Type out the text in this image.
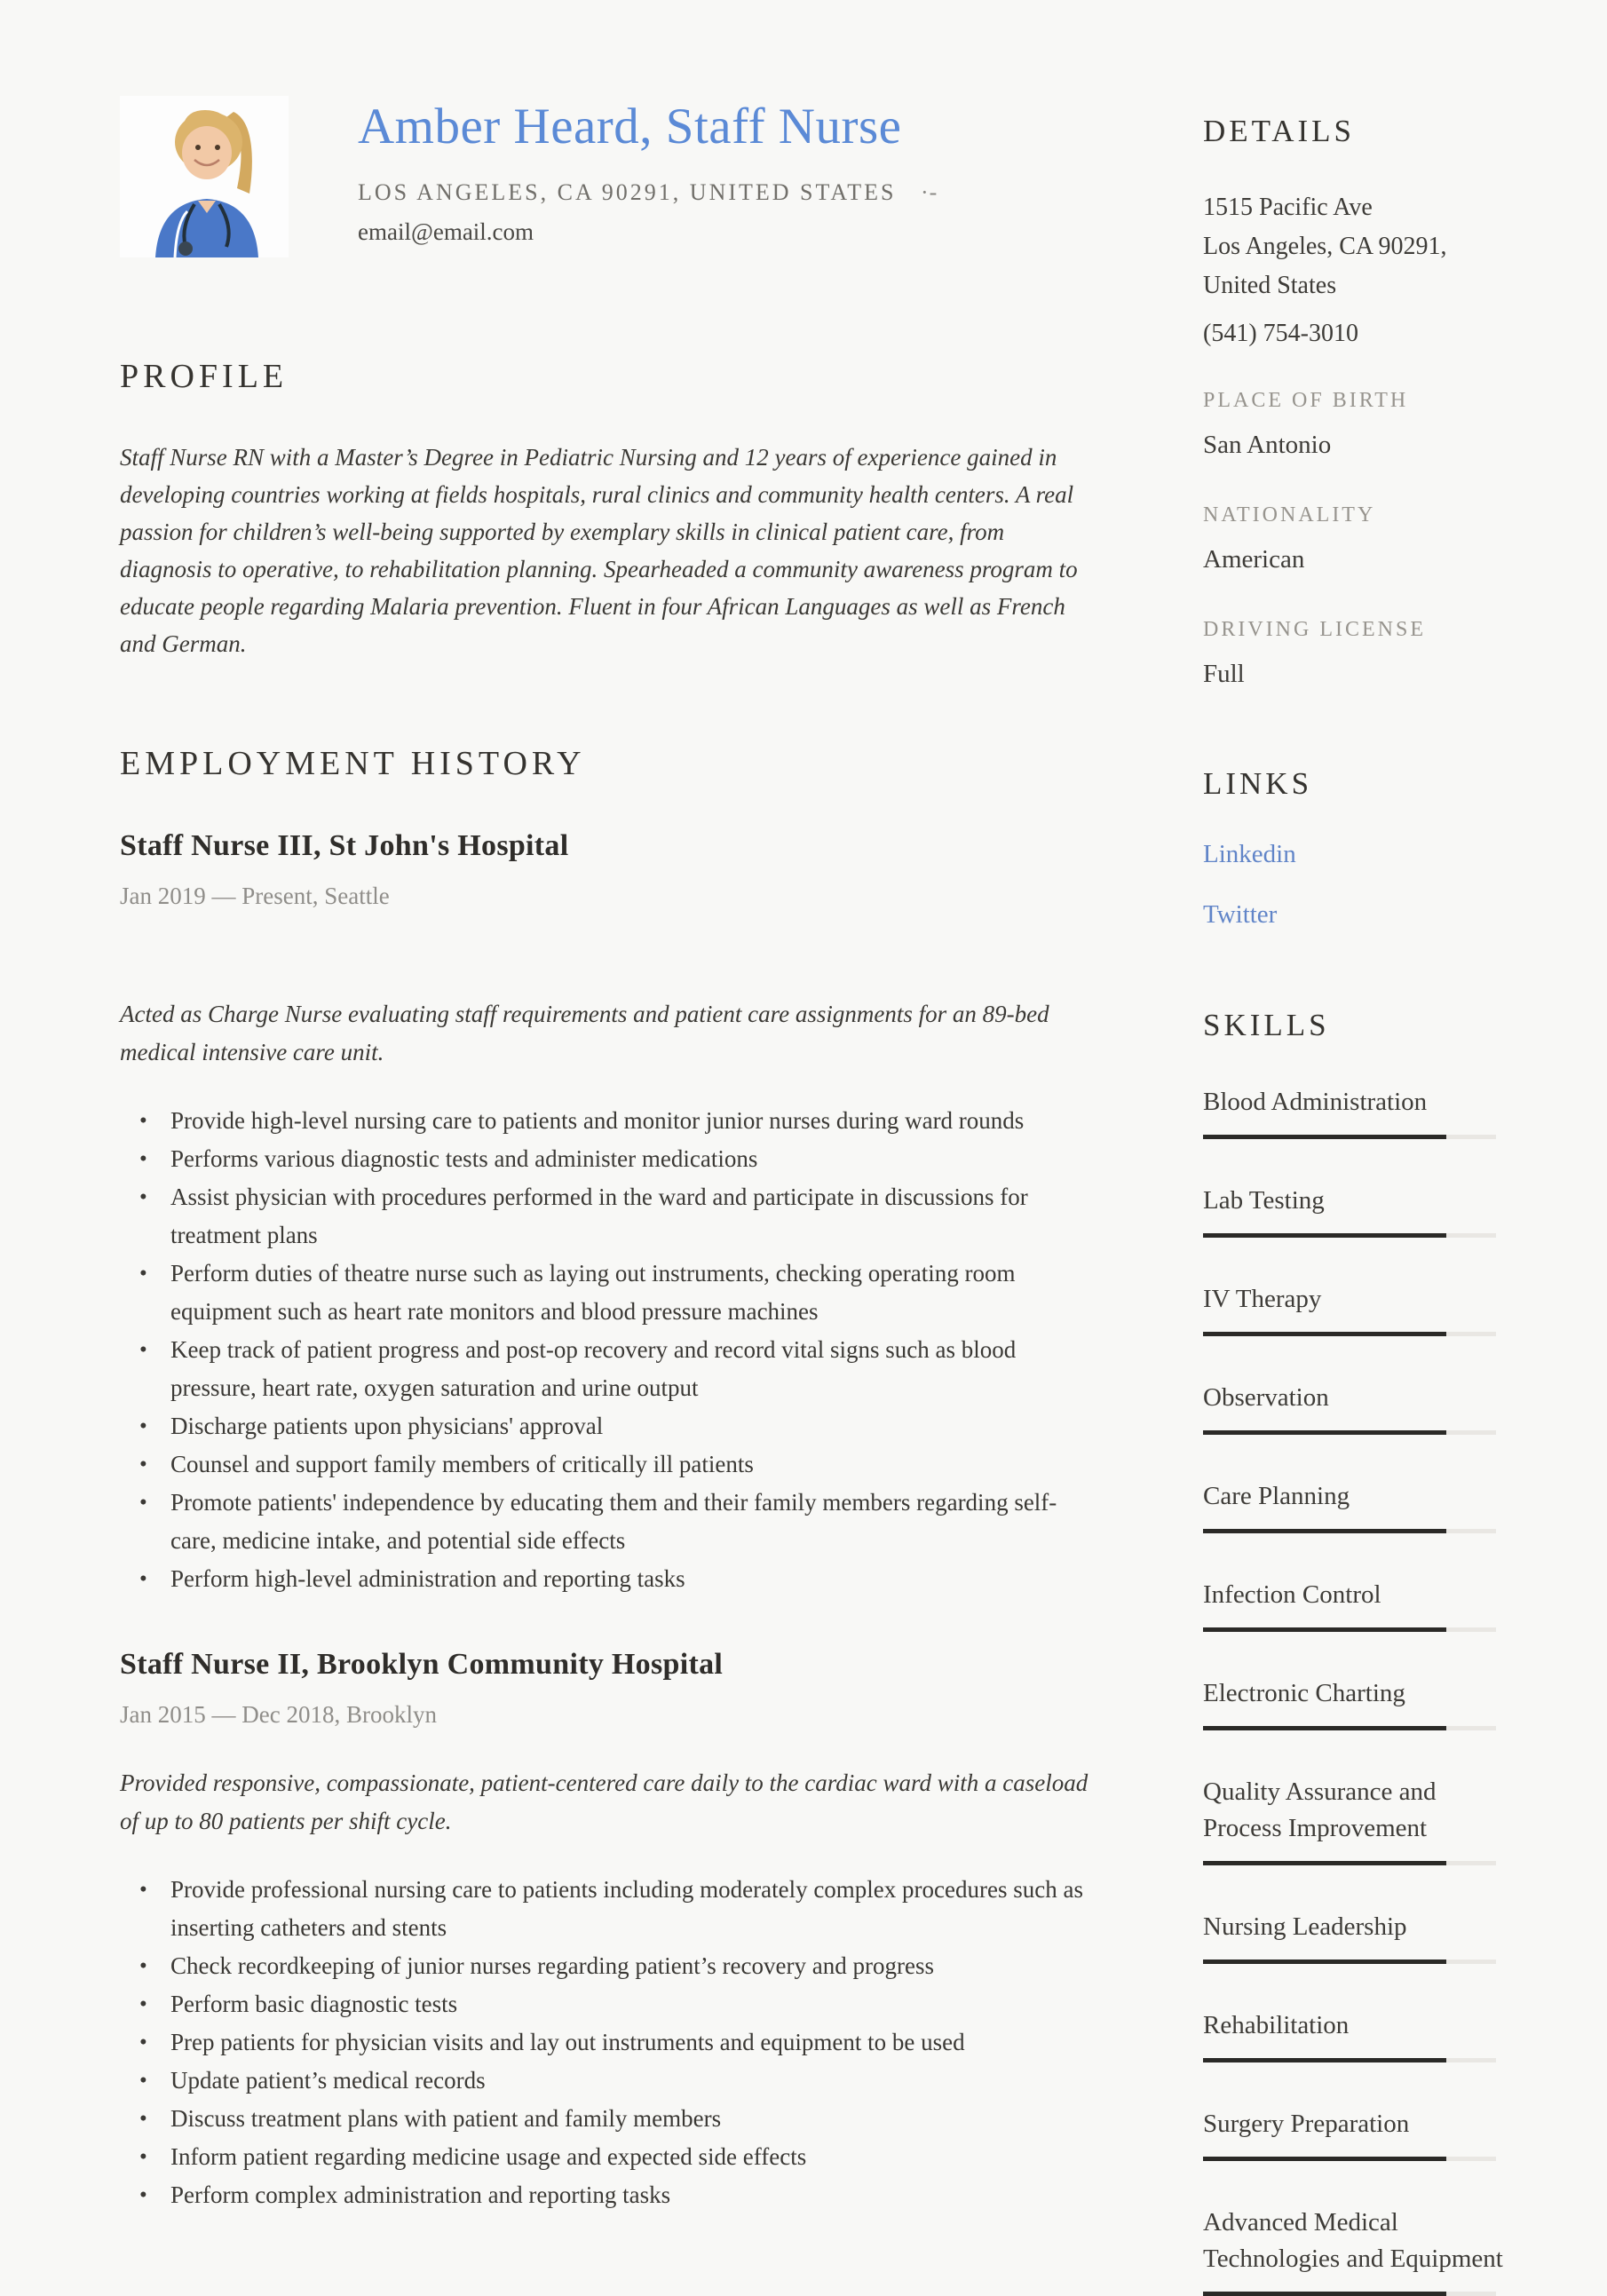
Amber Heard, Staff Nurse
LOS ANGELES, CA 90291, UNITED STATES ·-
email@email.com
PROFILE

Staff Nurse RN with a Master’s Degree in Pediatric Nursing and 12 years of experience gained in developing countries working at fields hospitals, rural clinics and community health centers. A real passion for children’s well-being supported by exemplary skills in clinical patient care, from diagnosis to operative, to rehabilitation planning. Spearheaded a community awareness program to educate people regarding Malaria prevention. Fluent in four African Languages as well as French and German.

EMPLOYMENT HISTORY
Staff Nurse III, St John's Hospital
Jan 2019 — Present, Seattle

Acted as Charge Nurse evaluating staff requirements and patient care assignments for an 89-bed medical intensive care unit.

• Provide high-level nursing care to patients and monitor junior nurses during ward rounds
• Performs various diagnostic tests and administer medications
• Assist physician with procedures performed in the ward and participate in discussions for treatment plans
• Perform duties of theatre nurse such as laying out instruments, checking operating room equipment such as heart rate monitors and blood pressure machines
• Keep track of patient progress and post-op recovery and record vital signs such as blood pressure, heart rate, oxygen saturation and urine output
• Discharge patients upon physicians' approval
• Counsel and support family members of critically ill patients
• Promote patients' independence by educating them and their family members regarding self-care, medicine intake, and potential side effects
• Perform high-level administration and reporting tasks
Staff Nurse II, Brooklyn Community Hospital
Jan 2015 — Dec 2018, Brooklyn

Provided responsive, compassionate, patient-centered care daily to the cardiac ward with a caseload of up to 80 patients per shift cycle.

• Provide professional nursing care to patients including moderately complex procedures such as inserting catheters and stents
• Check recordkeeping of junior nurses regarding patient’s recovery and progress
• Perform basic diagnostic tests
• Prep patients for physician visits and lay out instruments and equipment to be used
• Update patient’s medical records
• Discuss treatment plans with patient and family members
• Inform patient regarding medicine usage and expected side effects
• Perform complex administration and reporting tasks
DETAILS
1515 Pacific Ave
Los Angeles, CA 90291, United States
(541) 754-3010
PLACE OF BIRTH
San Antonio
NATIONALITY
American
DRIVING LICENSE
Full
LINKS
Linkedin
Twitter
SKILLS
Blood Administration
Lab Testing
IV Therapy
Observation
Care Planning
Infection Control
Electronic Charting
Quality Assurance and Process Improvement
Nursing Leadership
Rehabilitation
Surgery Preparation
Advanced Medical Technologies and Equipment
